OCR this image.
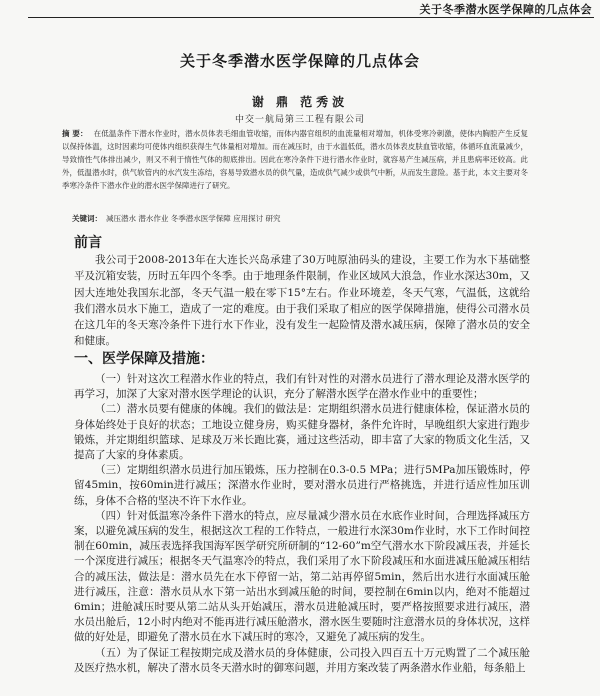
关于冬季潜水医学保障的几点体会
关于冬季潜水医学保障的几点体会
谢 鼎 范秀波
中交一航局第三工程有限公司
摘 要： 在低温条件下潜水作业时，潜水员体表毛细血管收缩，而体内器官组织的血流量相对增加，机体受寒冷刺激，使体内胸腔产生反复以保持体温，这时因素均可使体内组织获得生气体量相对增加。而在减压时，由于水温低低，潜水员体表皮肤血管收缩，体循环血流量减少，导致惰性气体排出减少，则又不利于惰性气体的彻底排出。因此在寒冷条件下进行潜水作业时，就容易产生减压病，并且患病率还较高。此外，低温潜水时，供气软管内的水汽发生冻结，容易导致潜水员的供气量，造成供气减少或供气中断，从而发生意险。基于此，本文主要对冬季寒冷条件下潜水作业的潜水医学保障进行了研究。
关键词： 减压潜水 潜水作业 冬季潜水医学保障 应用探讨 研究
前言

我公司于2008-2013年在大连长兴岛承建了30万吨原油码头的建设，主要工作为水下基础整平及沉箱安装，历时五年四个冬季。由于地理条件限制，作业区域风大浪急，作业水深达30m，又因大连地处我国东北部，冬天气温一般在零下15°左右。作业环境差，冬天气寒，气温低，这就给我们潜水员水下施工，造成了一定的难度。由于我们采取了相应的医学保障措施，使得公司潜水员在这几年的冬天寒冷条件下进行水下作业，没有发生一起险情及潜水减压病，保障了潜水员的安全和健康。

一、医学保障及措施：

（一）针对这次工程潜水作业的特点，我们有针对性的对潜水员进行了潜水理论及潜水医学的再学习，加深了大家对潜水医学理论的认识，充分了解潜水医学在潜水作业中的重要性；

（二）潜水员要有健康的体魄。我们的做法是：定期组织潜水员进行健康体检，保证潜水员的身体始终处于良好的状态；工地设立健身房，购买健身器材，条件允许时，早晚组织大家进行跑步锻炼，并定期组织篮球、足球及万米长跑比赛，通过这些活动，即丰富了大家的物质文化生活，又提高了大家的身体素质。

（三）定期组织潜水员进行加压锻炼，压力控制在0.3-0.5 MPa；进行5MPa加压锻炼时，停留45min，按60min进行减压；深潜水作业时，要对潜水员进行严格挑选，并进行适应性加压训练，身体不合格的坚决不许下水作业。

（四）针对低温寒冷条件下潜水的特点，应尽量减少潜水员在水底作业时间，合理选择减压方案，以避免减压病的发生，根据这次工程的工作特点，一般进行水深30m作业时，水下工作时间控制在60min，减压表选择我国海军医学研究所研制的“12-60”m空气潜水水下阶段减压表，并延长一个深度进行减压；根据冬天气温寒冷的特点，我们采用了水下阶段减压和水面进减压舱减压相结合的减压法，做法是：潜水员先在水下停留一站，第二站再停留5min，然后出水进行水面减压舱进行减压，注意：潜水员从水下第一站出水到减压舱的时间，要控制在6min以内，绝对不能超过6min；进舱减压时要从第二站从头开始减压，潜水员进舱减压时，要严格按照要求进行减压，潜水员出舱后，12小时内绝对不能再进行减压舱潜水，潜水医生要随时注意潜水员的身体状况，这样做的好处是，即避免了潜水员在水下减压时的寒冷，又避免了减压病的发生。

（五）为了保证工程按期完成及潜水员的身体健康，公司投入四百五十万元购置了二个减压舱及医疗热水机，解决了潜水员冬天潜水时的御寒问题，并用方案改装了两条潜水作业船，每条船上
